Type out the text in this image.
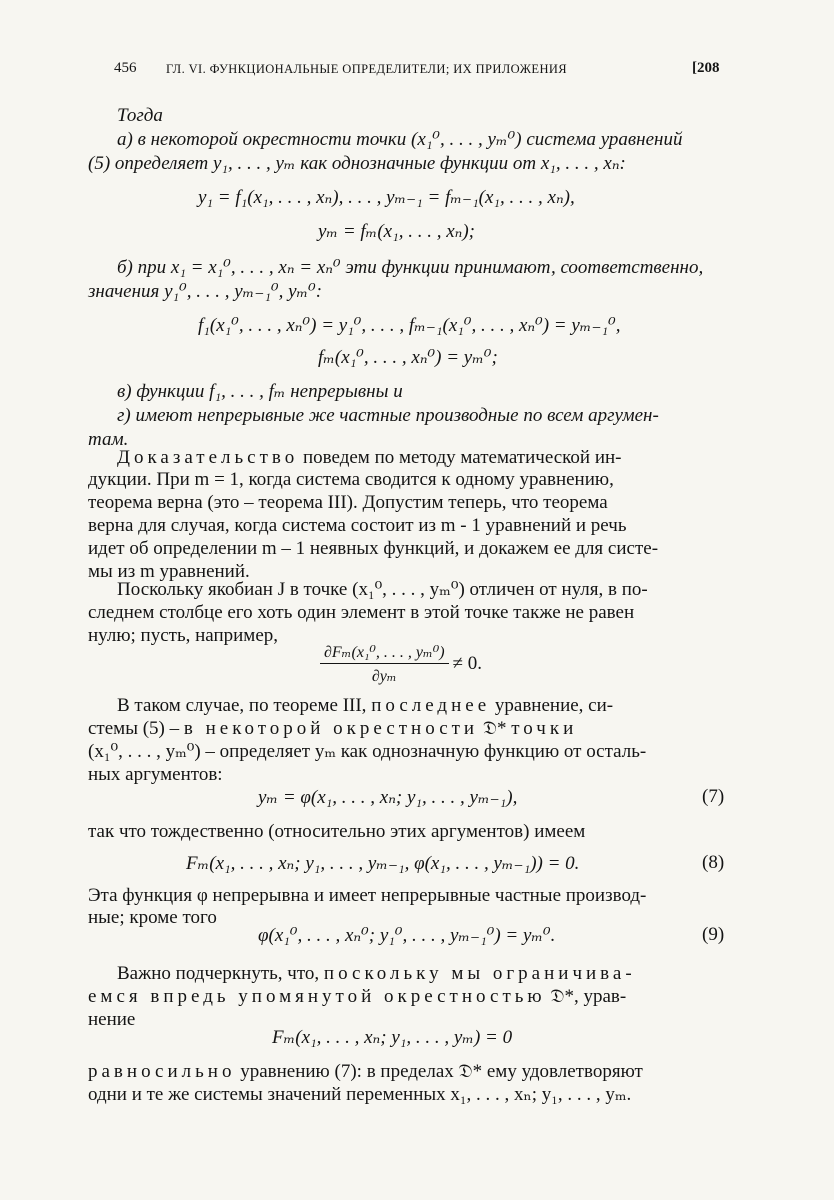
456 ГЛ. VI. ФУНКЦИОНАЛЬНЫЕ ОПРЕДЕЛИТЕЛИ; ИХ ПРИЛОЖЕНИЯ	[208
Тогда
а) в некоторой окрестности точки (x₁⁰, . . . , yₘ⁰) система уравнений
(5) определяет y₁, . . . , yₘ как однозначные функции от x₁, . . . , xₙ:
y₁ = f₁(x₁, . . . , xₙ), . . . , yₘ₋₁ = fₘ₋₁(x₁, . . . , xₙ),
yₘ = fₘ(x₁, . . . , xₙ);
б) при x₁ = x₁⁰, . . . , xₙ = xₙ⁰ эти функции принимают, соответственно,
значения y₁⁰, . . . , yₘ₋₁⁰, yₘ⁰:
f₁(x₁⁰, . . . , xₙ⁰) = y₁⁰, . . . , fₘ₋₁(x₁⁰, . . . , xₙ⁰) = yₘ₋₁⁰,
fₘ(x₁⁰, . . . , xₙ⁰) = yₘ⁰;
в) функции f₁, . . . , fₘ непрерывны и
г) имеют непрерывные же частные производные по всем аргумен-
там.
Доказательство поведем по методу математической ин-
дукции. При m = 1, когда система сводится к одному уравнению,
теорема верна (это – теорема III). Допустим теперь, что теорема
верна для случая, когда система состоит из m - 1 уравнений и речь
идет об определении m – 1 неявных функций, и докажем ее для систе-
мы из m уравнений.
Поскольку якобиан J в точке (x₁⁰, . . . , yₘ⁰) отличен от нуля, в по-
следнем столбце его хоть один элемент в этой точке также не равен
нулю; пусть, например,
$\frac{\text{∂Fₘ(x₁⁰, . . . , yₘ⁰)}}{\text{∂yₘ}} \ne 0$.
В таком случае, по теореме III, последнее уравнение, си-
стемы (5) – в некоторой окрестности 𝔇* точки
(x₁⁰, . . . , yₘ⁰) – определяет yₘ как однозначную функцию от осталь-
ных аргументов:
yₘ = φ(x₁, . . . , xₙ; y₁, . . . , yₘ₋₁),	(7)
так что тождественно (относительно этих аргументов) имеем
Fₘ(x₁, . . . , xₙ; y₁, . . . , yₘ₋₁, φ(x₁, . . . , yₘ₋₁)) = 0.	(8)
Эта функция φ непрерывна и имеет непрерывные частные производ-
ные; кроме того
φ(x₁⁰, . . . , xₙ⁰; y₁⁰, . . . , yₘ₋₁⁰) = yₘ⁰.	(9)
Важно подчеркнуть, что, поскольку мы ограничива-
емся впредь упомянутой окрестностью 𝔇*, урав-
нение
Fₘ(x₁, . . . , xₙ; y₁, . . . , yₘ) = 0
равносильно уравнению (7): в пределах 𝔇* ему удовлетворяют
одни и те же системы значений переменных x₁, . . . , xₙ; y₁, . . . , yₘ.
